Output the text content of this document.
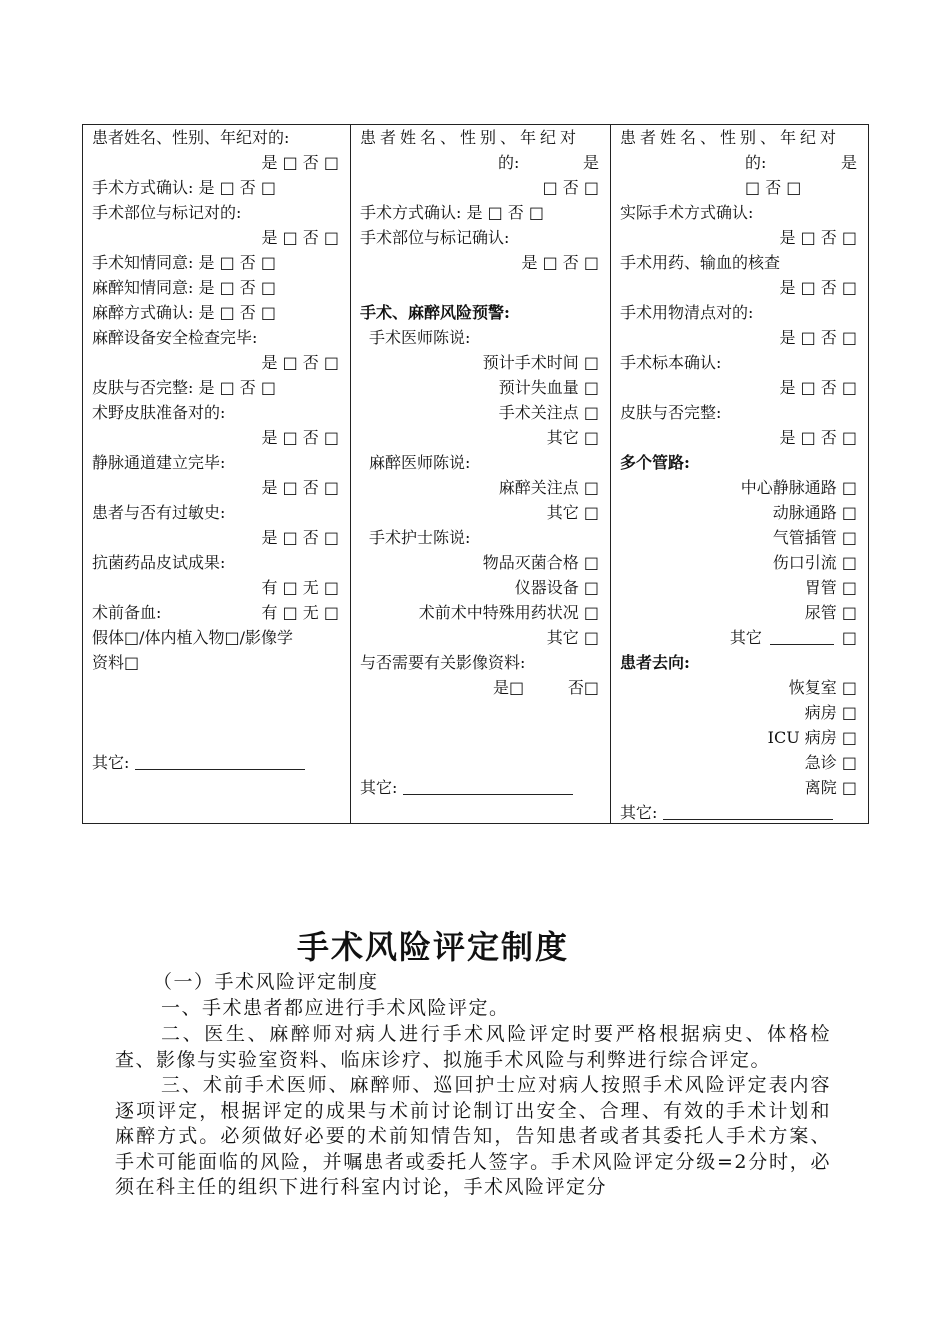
患者姓名、性别、年纪对的:
是 □ 否 □
手术方式确认: 是 □ 否 □
手术部位与标记对的:
是 □ 否 □
手术知情同意: 是 □ 否 □
麻醉知情同意: 是 □ 否 □
麻醉方式确认: 是 □ 否 □
麻醉设备安全检查完毕:
是 □ 否 □
皮肤与否完整: 是 □ 否 □
术野皮肤准备对的:
是 □ 否 □
静脉通道建立完毕:
是 □ 否 □
患者与否有过敏史:
是 □ 否 □
抗菌药品皮试成果:
有 □ 无 □
术前备血:	有 □ 无 □
假体□/体内植入物□/影像学
资料□
其它:
患者姓名、性别、年纪对
的:	是
□ 否 □
手术方式确认: 是 □ 否 □
手术部位与标记确认:
是 □ 否 □
手术、麻醉风险预警:
手术医师陈说:
预计手术时间 □
预计失血量 □
手术关注点 □
其它 □
麻醉医师陈说:
麻醉关注点 □
其它 □
手术护士陈说:
物品灭菌合格 □
仪器设备 □
术前术中特殊用药状况 □
其它 □
与否需要有关影像资料:
是□	否□
其它:
患者姓名、性别、年纪对
的:	是
□ 否 □
实际手术方式确认:
是 □ 否 □
手术用药、输血的核查
是 □ 否 □
手术用物清点对的:
是 □ 否 □
手术标本确认:
是 □ 否 □
皮肤与否完整:
是 □ 否 □
多个管路:
中心静脉通路 □
动脉通路 □
气管插管 □
伤口引流 □
胃管 □
尿管 □
其它	□
患者去向:
恢复室 □
病房 □
ICU 病房 □
急诊 □
离院 □
其它:
手术风险评定制度
（一）手术风险评定制度
一、手术患者都应进行手术风险评定。
二、医生、麻醉师对病人进行手术风险评定时要严格根据病史、体格检查、影像与实验室资料、临床诊疗、拟施手术风险与利弊进行综合评定。
三、术前手术医师、麻醉师、巡回护士应对病人按照手术风险评定表内容逐项评定，根据评定的成果与术前讨论制订出安全、合理、有效的手术计划和麻醉方式。必须做好必要的术前知情告知，告知患者或者其委托人手术方案、手术可能面临的风险，并嘱患者或委托人签字。手术风险评定分级=2分时，必须在科主任的组织下进行科室内讨论，手术风险评定分
